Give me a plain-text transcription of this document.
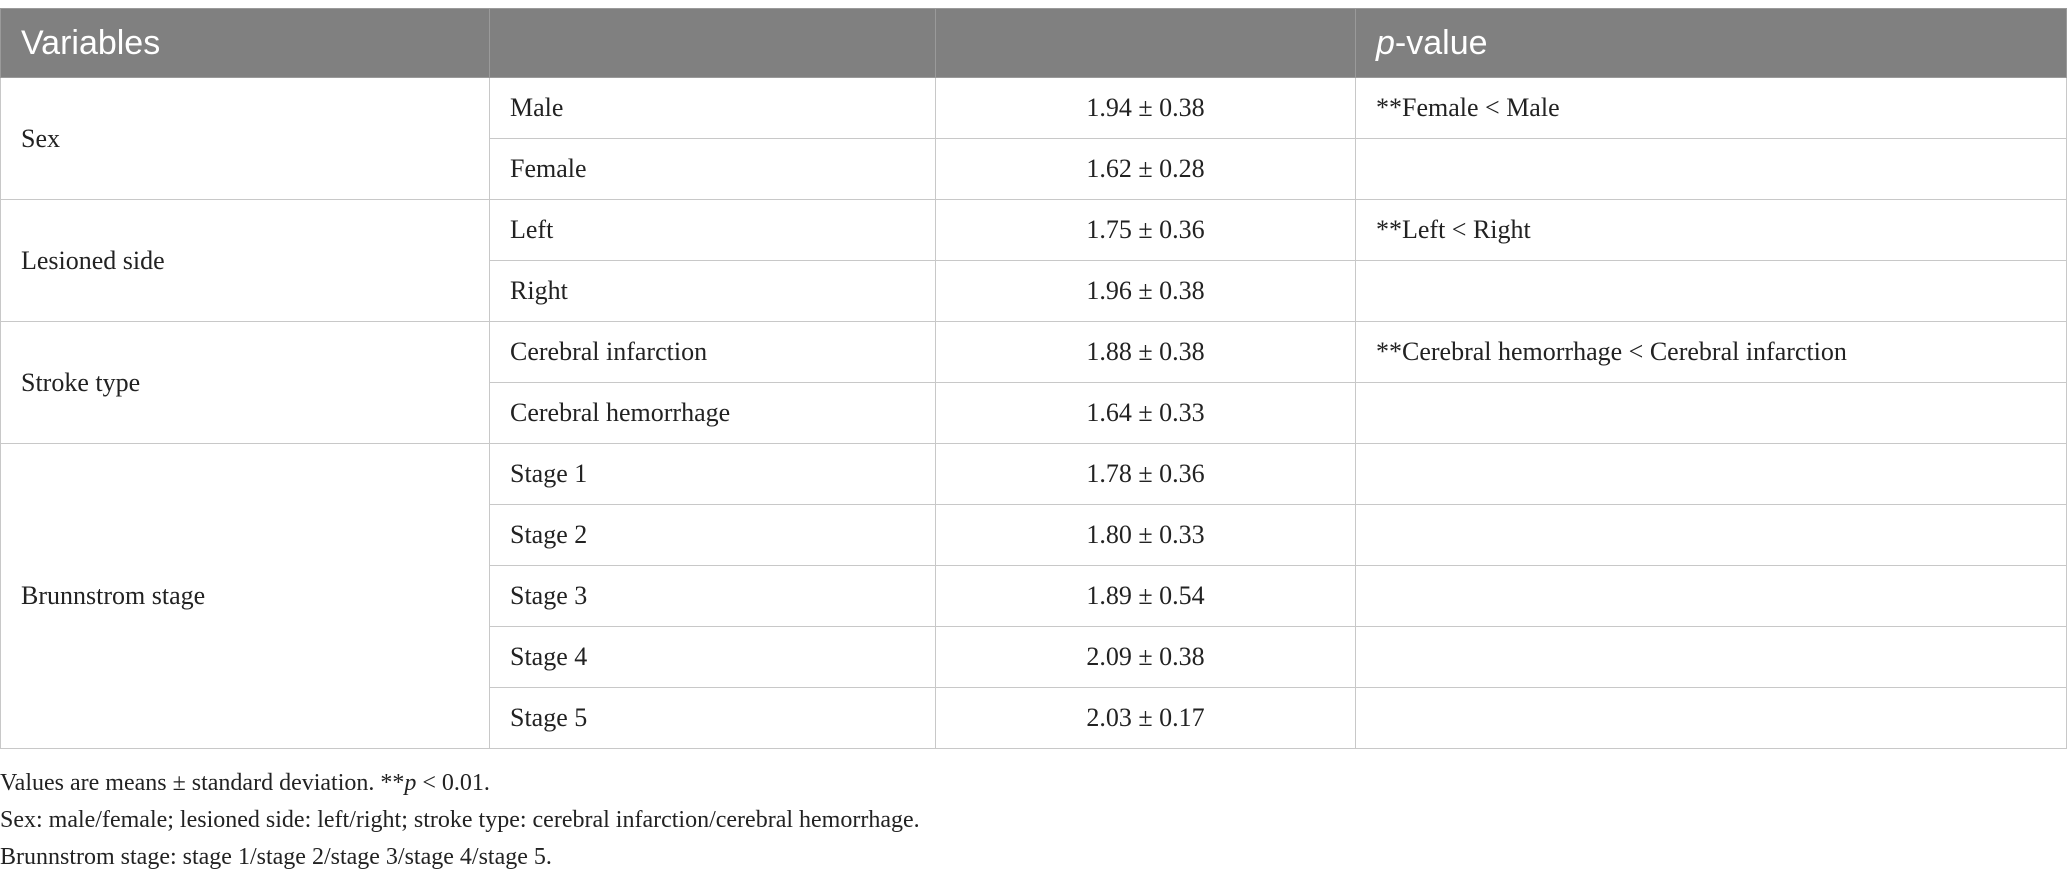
Variables			p-value
Sex	Male	1.94 ± 0.38	**Female < Male
	Female	1.62 ± 0.28	
Lesioned side	Left	1.75 ± 0.36	**Left < Right
	Right	1.96 ± 0.38	
Stroke type	Cerebral infarction	1.88 ± 0.38	**Cerebral hemorrhage < Cerebral infarction
	Cerebral hemorrhage	1.64 ± 0.33	
Brunnstrom stage	Stage 1	1.78 ± 0.36	
	Stage 2	1.80 ± 0.33	
	Stage 3	1.89 ± 0.54	
	Stage 4	2.09 ± 0.38	
	Stage 5	2.03 ± 0.17	
Values are means ± standard deviation. **p < 0.01.
Sex: male/female; lesioned side: left/right; stroke type: cerebral infarction/cerebral hemorrhage.
Brunnstrom stage: stage 1/stage 2/stage 3/stage 4/stage 5.
